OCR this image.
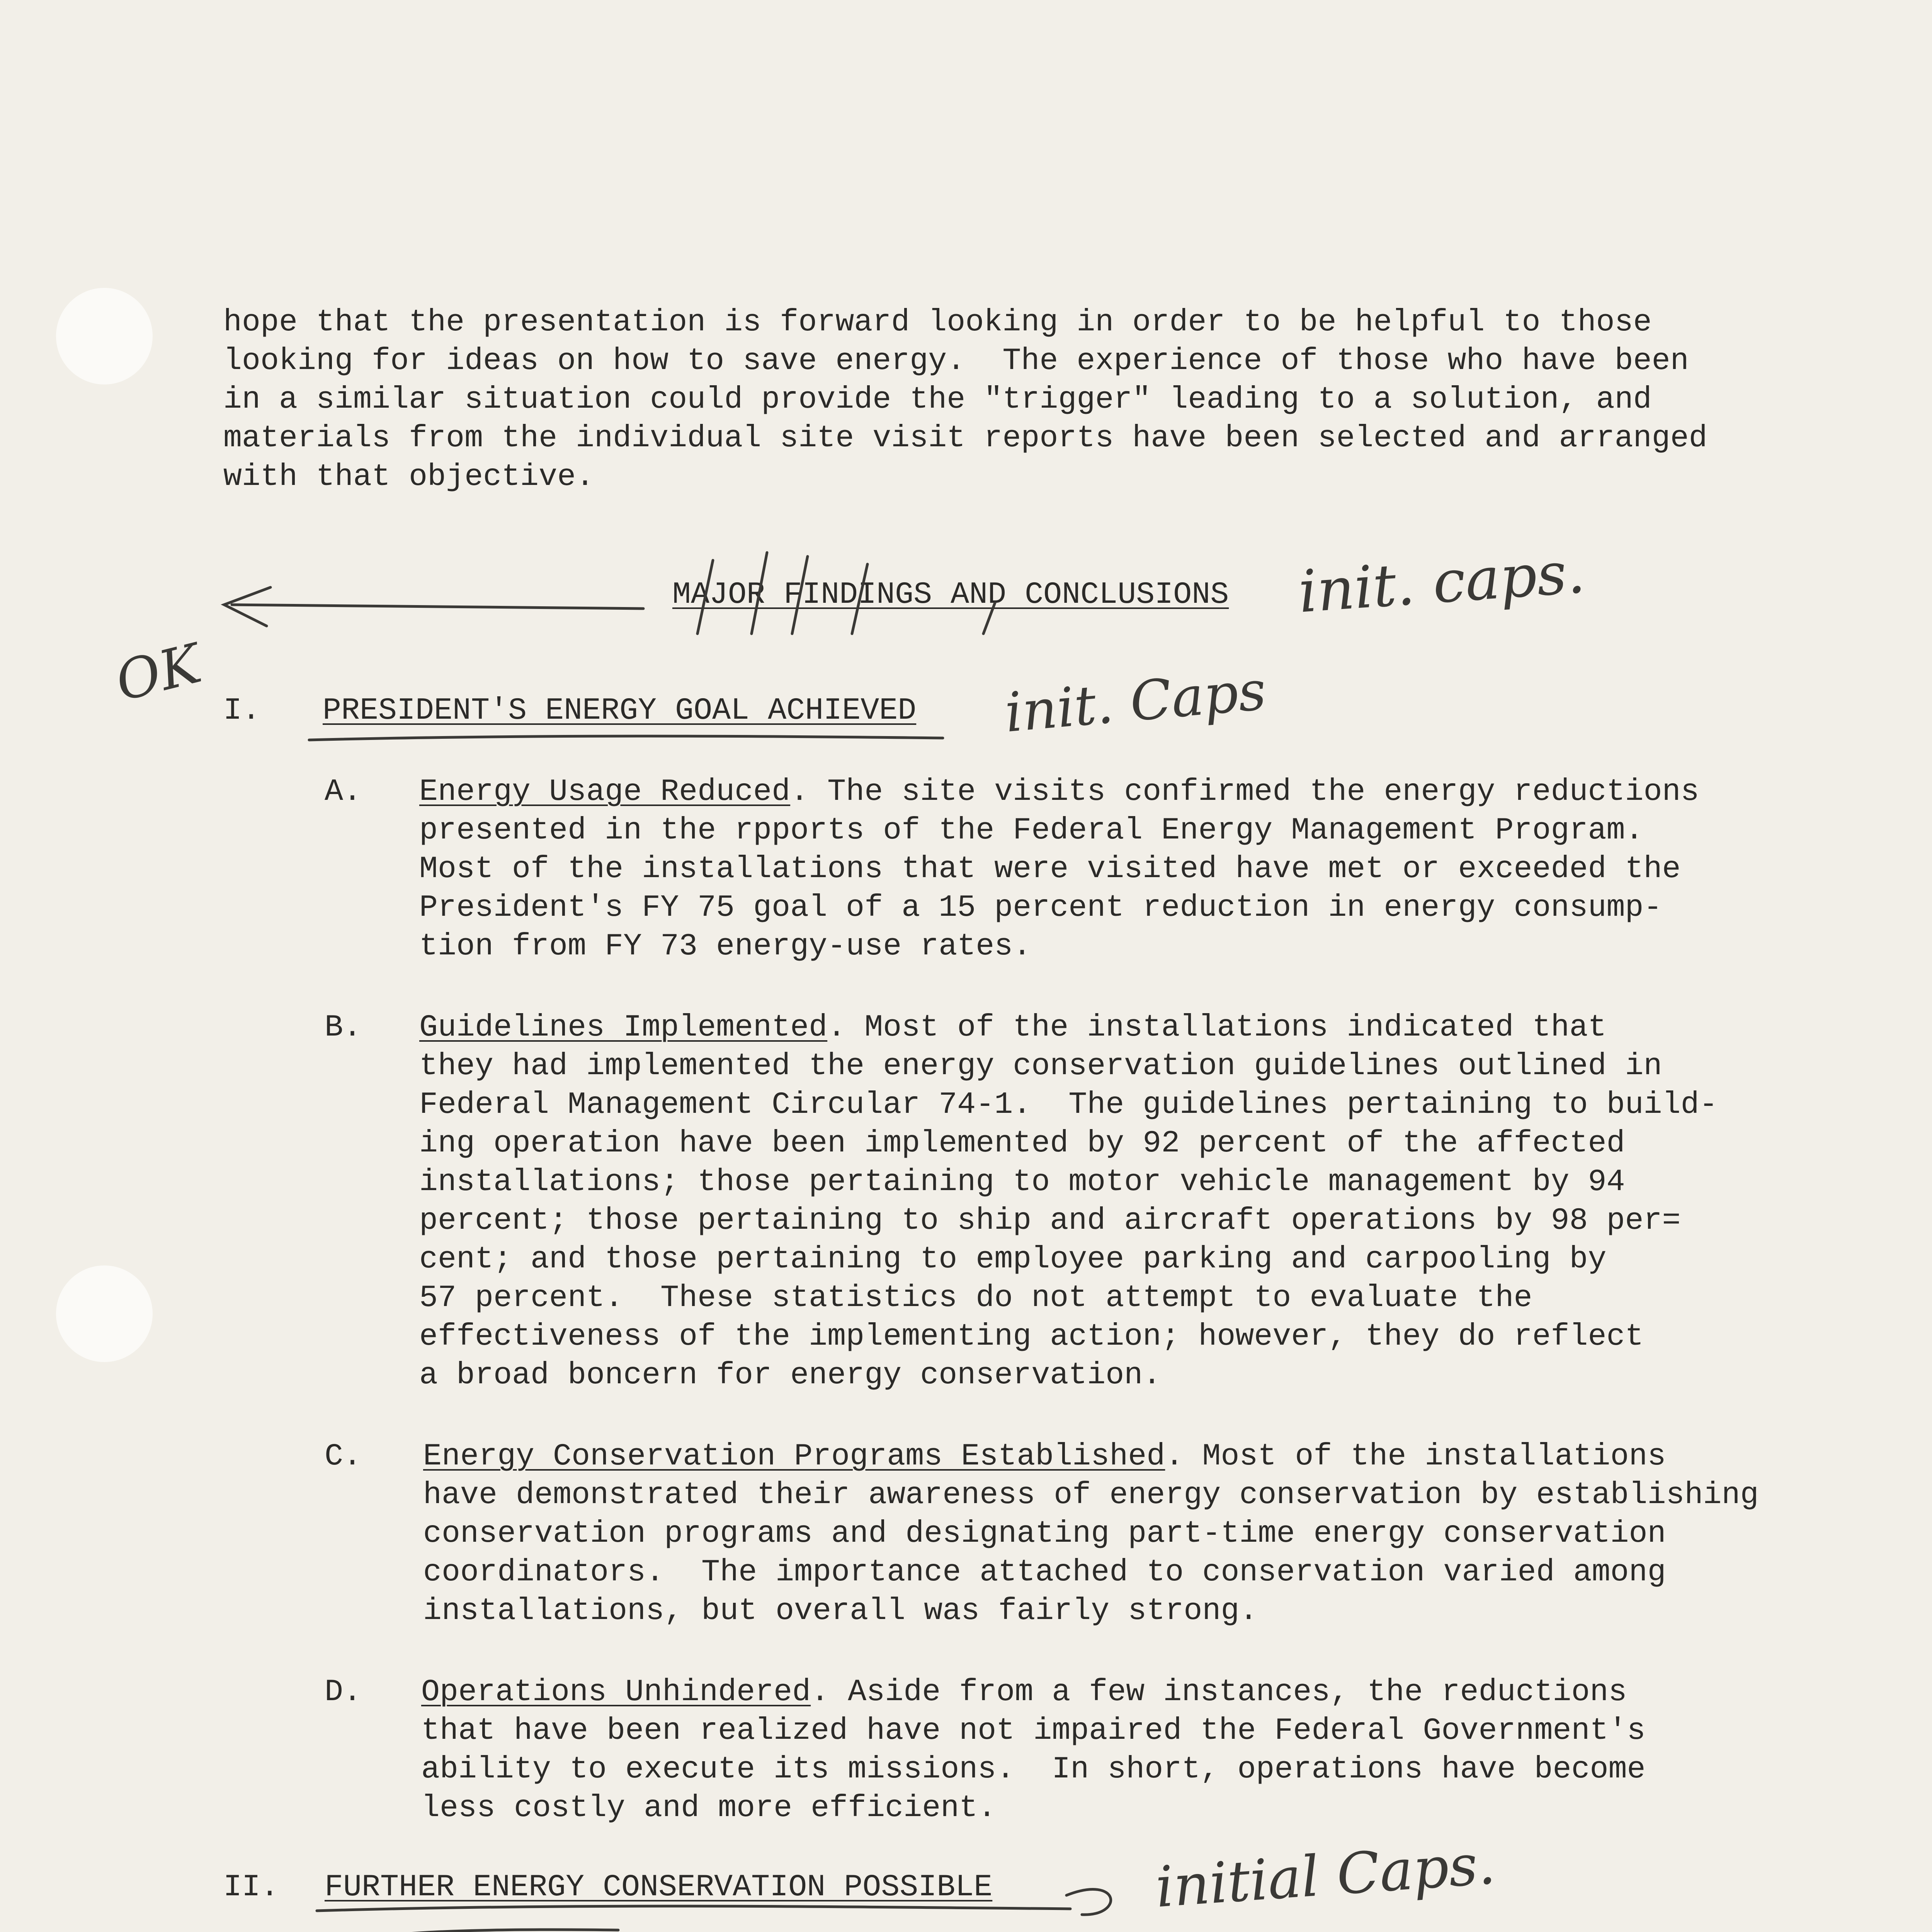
hope that the presentation is forward looking in order to be helpful to those
looking for ideas on how to save energy.  The experience of those who have been
in a similar situation could provide the "trigger" leading to a solution, and
materials from the individual site visit reports have been selected and arranged
with that objective.
MAJOR FINDINGS AND CONCLUSIONS
I. PRESIDENT'S ENERGY GOAL ACHIEVED
A. Energy Usage Reduced. The site visits confirmed the energy reductions
presented in the rpports of the Federal Energy Management Program.
Most of the installations that were visited have met or exceeded the
President's FY 75 goal of a 15 percent reduction in energy consump-
tion from FY 73 energy-use rates.
B. Guidelines Implemented. Most of the installations indicated that
they had implemented the energy conservation guidelines outlined in
Federal Management Circular 74-1.  The guidelines pertaining to build-
ing operation have been implemented by 92 percent of the affected
installations; those pertaining to motor vehicle management by 94
percent; those pertaining to ship and aircraft operations by 98 per=
cent; and those pertaining to employee parking and carpooling by
57 percent.  These statistics do not attempt to evaluate the
effectiveness of the implementing action; however, they do reflect
a broad boncern for energy conservation.
C. Energy Conservation Programs Established. Most of the installations
have demonstrated their awareness of energy conservation by establishing
conservation programs and designating part-time energy conservation
coordinators.  The importance attached to conservation varied among
installations, but overall was fairly strong.
D. Operations Unhindered. Aside from a few instances, the reductions
that have been realized have not impaired the Federal Government's
ability to execute its missions.  In short, operations have become
less costly and more efficient.
II. FURTHER ENERGY CONSERVATION POSSIBLE
init. caps.
OK	init. Caps
initial Caps.
